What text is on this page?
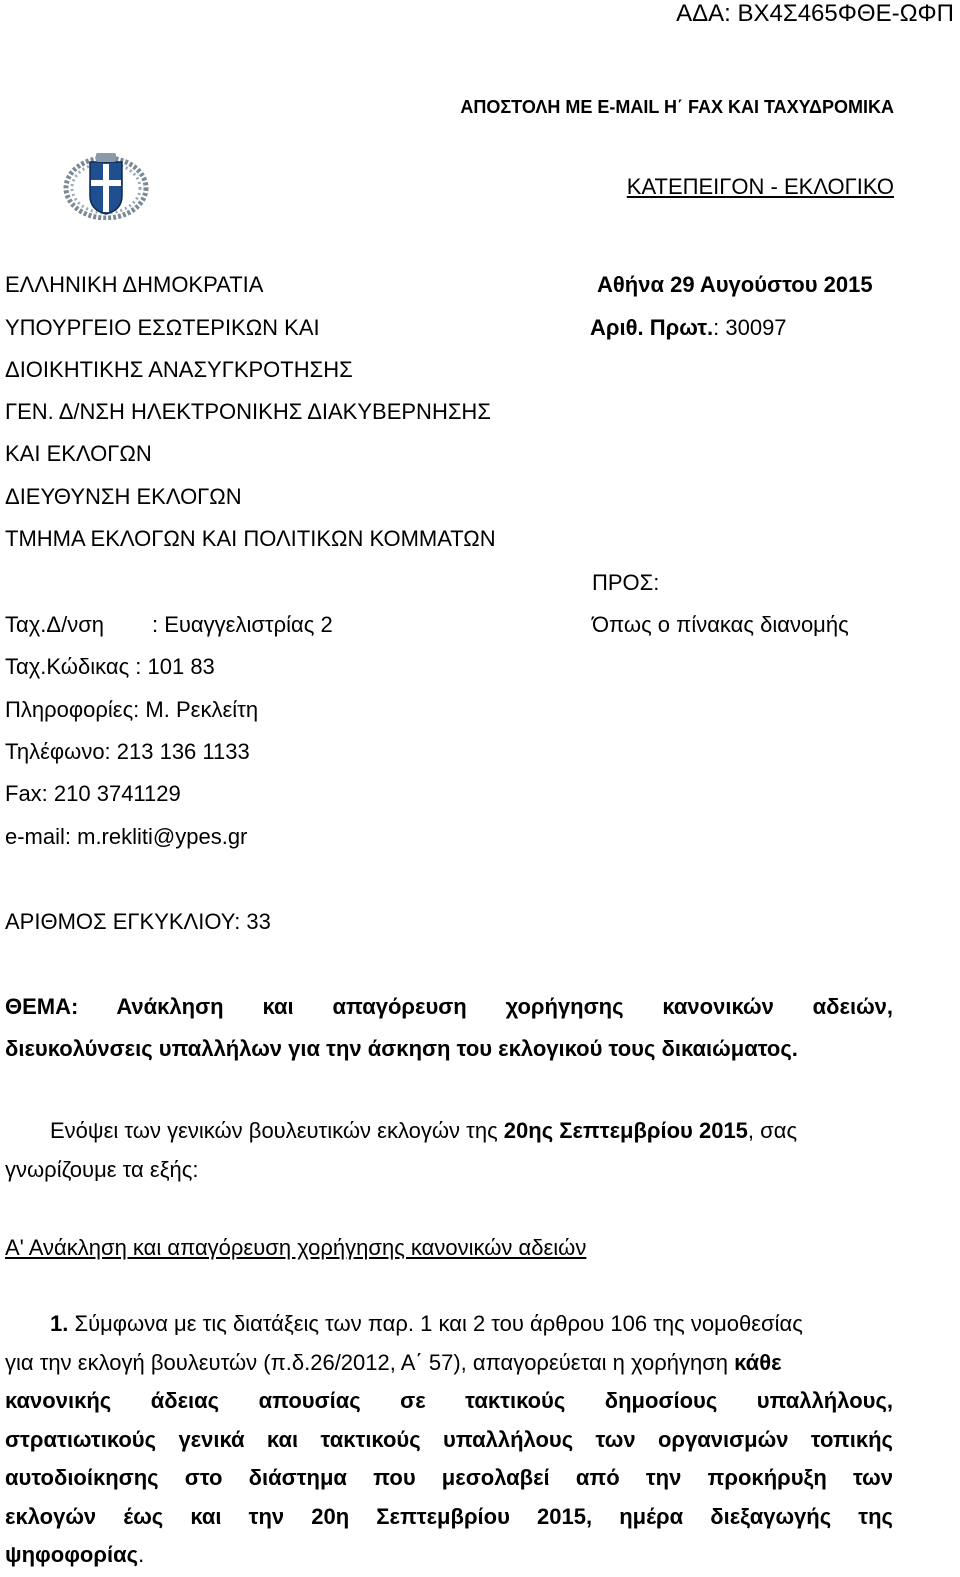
ΑΔΑ: ΒΧ4Σ465ΦΘΕ-ΩΦΠ
ΑΠΟΣΤΟΛΗ ΜΕ E-MAIL Η΄ FAX ΚΑΙ ΤΑΧΥΔΡΟΜΙΚΑ
ΚΑΤΕΠΕΙΓΟΝ - ΕΚΛΟΓΙΚΟ
ΕΛΛΗΝΙΚΗ ΔΗΜΟΚΡΑΤΙΑ
ΥΠΟΥΡΓΕΙΟ ΕΣΩΤΕΡΙΚΩΝ ΚΑΙ
ΔΙΟΙΚΗΤΙΚΗΣ ΑΝΑΣΥΓΚΡΟΤΗΣΗΣ
ΓΕΝ. Δ/ΝΣΗ ΗΛΕΚΤΡΟΝΙΚΗΣ ΔΙΑΚΥΒΕΡΝΗΣΗΣ
ΚΑΙ ΕΚΛΟΓΩΝ
ΔΙΕΥΘΥΝΣΗ ΕΚΛΟΓΩΝ
ΤΜΗΜΑ ΕΚΛΟΓΩΝ ΚΑΙ ΠΟΛΙΤΙΚΩΝ ΚΟΜΜΑΤΩΝ
Αθήνα 29 Αυγούστου 2015
Αριθ. Πρωτ.: 30097
ΠΡΟΣ:
Όπως ο πίνακας διανομής
Ταχ.Δ/νση : Ευαγγελιστρίας 2
Ταχ.Κώδικας : 101 83
Πληροφορίες: Μ. Ρεκλείτη
Τηλέφωνο: 213 136 1133
Fax: 210 3741129
e-mail: m.rekliti@ypes.gr
ΑΡΙΘΜΟΣ ΕΓΚΥΚΛΙΟΥ: 33
ΘΕΜΑ: Ανάκληση και απαγόρευση χορήγησης κανονικών αδειών,
διευκολύνσεις υπαλλήλων για την άσκηση του εκλογικού τους δικαιώματος.
Ενόψει των γενικών βουλευτικών εκλογών της 20ης Σεπτεμβρίου 2015, σας
γνωρίζουμε τα εξής:
Α' Ανάκληση και απαγόρευση χορήγησης κανονικών αδειών
1. Σύμφωνα με τις διατάξεις των παρ. 1 και 2 του άρθρου 106 της νομοθεσίας
για την εκλογή βουλευτών (π.δ.26/2012, Α΄ 57), απαγορεύεται η χορήγηση κάθε
κανονικής άδειας απουσίας σε τακτικούς δημοσίους υπαλλήλους,
στρατιωτικούς γενικά και τακτικούς υπαλλήλους των οργανισμών τοπικής
αυτοδιοίκησης στο διάστημα που μεσολαβεί από την προκήρυξη των
εκλογών έως και την 20η Σεπτεμβρίου 2015, ημέρα διεξαγωγής της
ψηφοφορίας.
